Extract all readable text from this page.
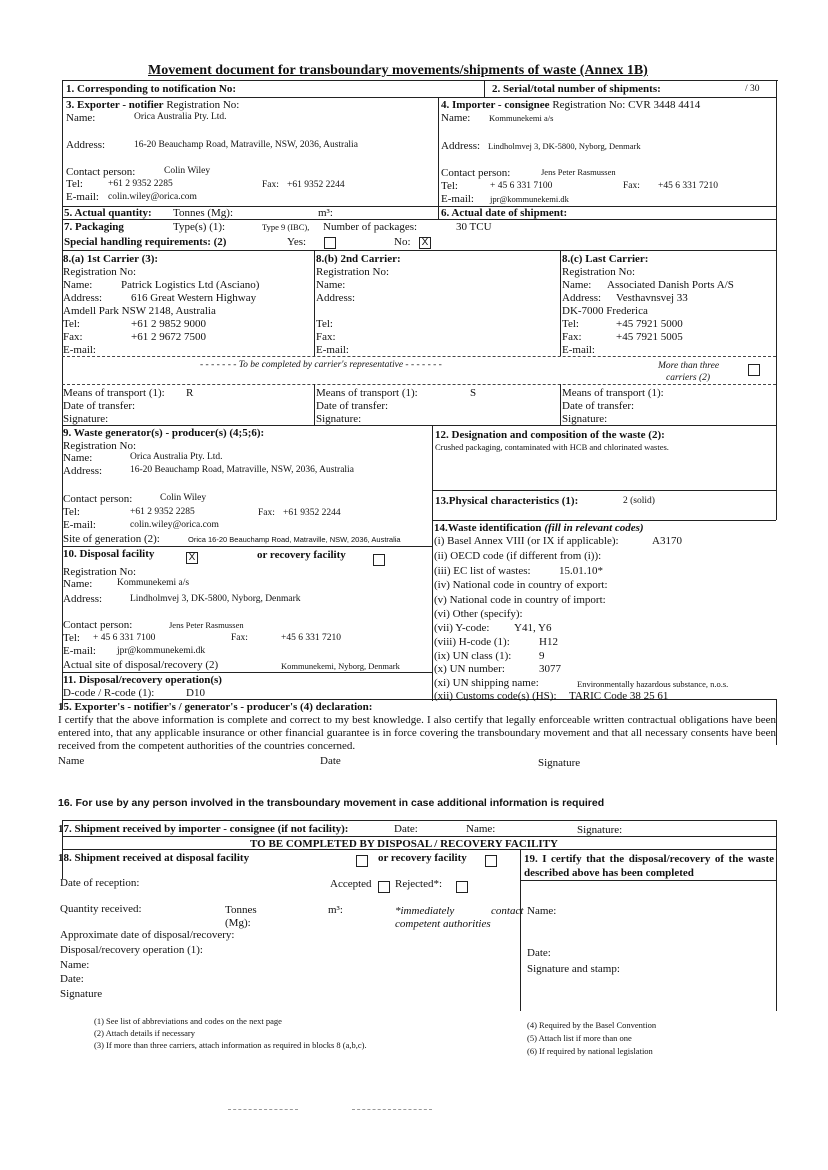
Movement document for transboundary movements/shipments of waste (Annex 1B)
1. Corresponding to notification No:	2. Serial/total number of shipments:	/ 30
3. Exporter - notifier Registration No:
Name:	Orica Australia Pty. Ltd.
Address:	16-20 Beauchamp Road, Matraville, NSW, 2036, Australia
Contact person:	Colin Wiley
Tel:	+61 2 9352 2285	Fax: +61 9352 2244
E-mail: colin.wiley@orica.com
4. Importer - consignee Registration No: CVR 3448 4414
Name: Kommunekemi a/s
Address: Lindholmvej 3, DK-5800, Nyborg, Denmark
Contact person:	Jens Peter Rasmussen
Tel:	+ 45 6 331 7100	Fax: +45 6 331 7210
E-mail: jpr@kommunekemi.dk
5. Actual quantity: Tonnes (Mg):	m³:	6. Actual date of shipment:
7. Packaging	Type(s) (1):	Type 9 (IBC), Number of packages:	30 TCU
Special handling requirements: (2)	Yes:	No: X
8.(a) 1st Carrier (3):
Registration No:
Name:	Patrick Logistics Ltd (Asciano)
Address:	616 Great Western Highway
Amdell Park NSW 2148, Australia
Tel:	+61 2 9852 9000
Fax:	+61 2 9672 7500
E-mail:
8.(b) 2nd Carrier:
Registration No:
Name:
Address:
Tel:
Fax:
E-mail:
8.(c) Last Carrier:
Registration No:
Name: Associated Danish Ports A/S
Address: Vesthavnsvej 33
DK-7000 Frederica
Tel:	+45 7921 5000
Fax:	+45 7921 5005
E-mail:
- - - - - - - To be completed by carrier's representative - - - - - - -	More than three
carriers (2)
Means of transport (1): R
Date of transfer:
Signature:
Means of transport (1):	S
Date of transfer:
Signature:
Means of transport (1):
Date of transfer:
Signature:
9. Waste generator(s) - producer(s) (4;5;6):
Registration No:
Name:	Orica Australia Pty. Ltd.
Address:	16-20 Beauchamp Road, Matraville, NSW, 2036, Australia
Contact person:	Colin Wiley
Tel:	+61 2 9352 2285	Fax: +61 9352 2244
E-mail:	colin.wiley@orica.com
Site of generation (2):	Orica 16-20 Beauchamp Road, Matraville, NSW, 2036, Australia
10. Disposal facility	X	or recovery facility
Registration No:
Name:	Kommunekemi a/s
Address:	Lindholmvej 3, DK-5800, Nyborg, Denmark
Contact person:	Jens Peter Rasmussen
Tel: + 45 6 331 7100	Fax:	+45 6 331 7210
E-mail: jpr@kommunekemi.dk
Actual site of disposal/recovery (2)	Kommunekemi, Nyborg, Denmark
11. Disposal/recovery operation(s)
D-code / R-code (1):	D10
12. Designation and composition of the waste (2):
Crushed packaging, contaminated with HCB and chlorinated wastes.
13.Physical characteristics (1):	2 (solid)
14.Waste identification (fill in relevant codes)
(i) Basel Annex VIII (or IX if applicable):	A3170
(ii) OECD code (if different from (i)):
(iii) EC list of wastes:	15.01.10*
(iv) National code in country of export:
(v) National code in country of import:
(vi) Other (specify):
(vii) Y-code: Y41, Y6
(viii) H-code (1):	H12
(ix) UN class (1):	9
(x) UN number:	3077
(xi) UN shipping name:	Environmentally hazardous substance, n.o.s.
(xii) Customs code(s) (HS): TARIC Code 38 25 61
15. Exporter's - notifier's / generator's - producer's (4) declaration:
I certify that the above information is complete and correct to my best knowledge. I also certify that legally enforceable written contractual obligations have been entered into, that any applicable insurance or other financial guarantee is in force covering the transboundary movement and that all necessary consents have been received from the competent authorities of the countries concerned.
Name	Date	Signature
16. For use by any person involved in the transboundary movement in case additional information is required
17. Shipment received by importer - consignee (if not facility):	Date:	Name:	Signature:
TO BE COMPLETED BY DISPOSAL / RECOVERY FACILITY
18. Shipment received at disposal facility	or recovery facility
Date of reception:	Accepted Rejected*:
Quantity received:	Tonnes
(Mg):
m³:	*immediately	contact
competent authorities
Approximate date of disposal/recovery:
Disposal/recovery operation (1):
Name:
Date:
Signature
19. I certify that the disposal/recovery of the waste described above has been completed
Name:
Date:
Signature and stamp:
(1) See list of abbreviations and codes on the next page
(2) Attach details if necessary
(3) If more than three carriers, attach information as required in blocks 8 (a,b,c).
(4) Required by the Basel Convention
(5) Attach list if more than one
(6) If required by national legislation
